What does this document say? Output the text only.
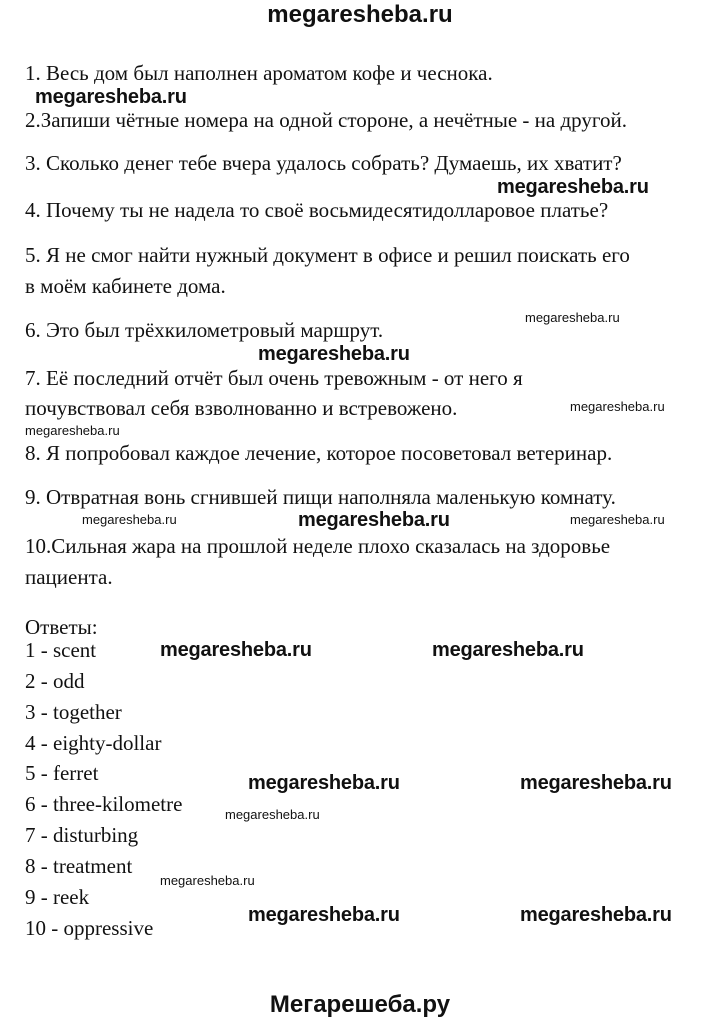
megaresheba.ru
1. Весь дом был наполнен ароматом кофе и чеснока.
2.Запиши чётные номера на одной стороне, а нечётные - на другой.
3. Сколько денег тебе вчера удалось собрать? Думаешь, их хватит?
4. Почему ты не надела то своё восьмидесятидолларовое платье?
5. Я не смог найти нужный документ в офисе и решил поискать его
в моём кабинете дома.
6. Это был трёхкилометровый маршрут.
7. Её последний отчёт был очень тревожным - от него я
почувствовал себя взволнованно и встревожено.
8. Я попробовал каждое лечение, которое посоветовал ветеринар.
9. Отвратная вонь сгнившей пищи наполняла маленькую комнату.
10.Сильная жара на прошлой неделе плохо сказалась на здоровье
пациента.
Ответы:
1 - scent
2 - odd
3 - together
4 - eighty-dollar
5 - ferret
6 - three-kilometre
7 - disturbing
8 - treatment
9 - reek
10 - oppressive
megaresheba.ru
megaresheba.ru
megaresheba.ru
megaresheba.ru
megaresheba.ru
megaresheba.ru
megaresheba.ru	megaresheba.ru	megaresheba.ru
megaresheba.ru	megaresheba.ru
megaresheba.ru	megaresheba.ru
megaresheba.ru
megaresheba.ru
megaresheba.ru	megaresheba.ru
Мегарешеба.ру
